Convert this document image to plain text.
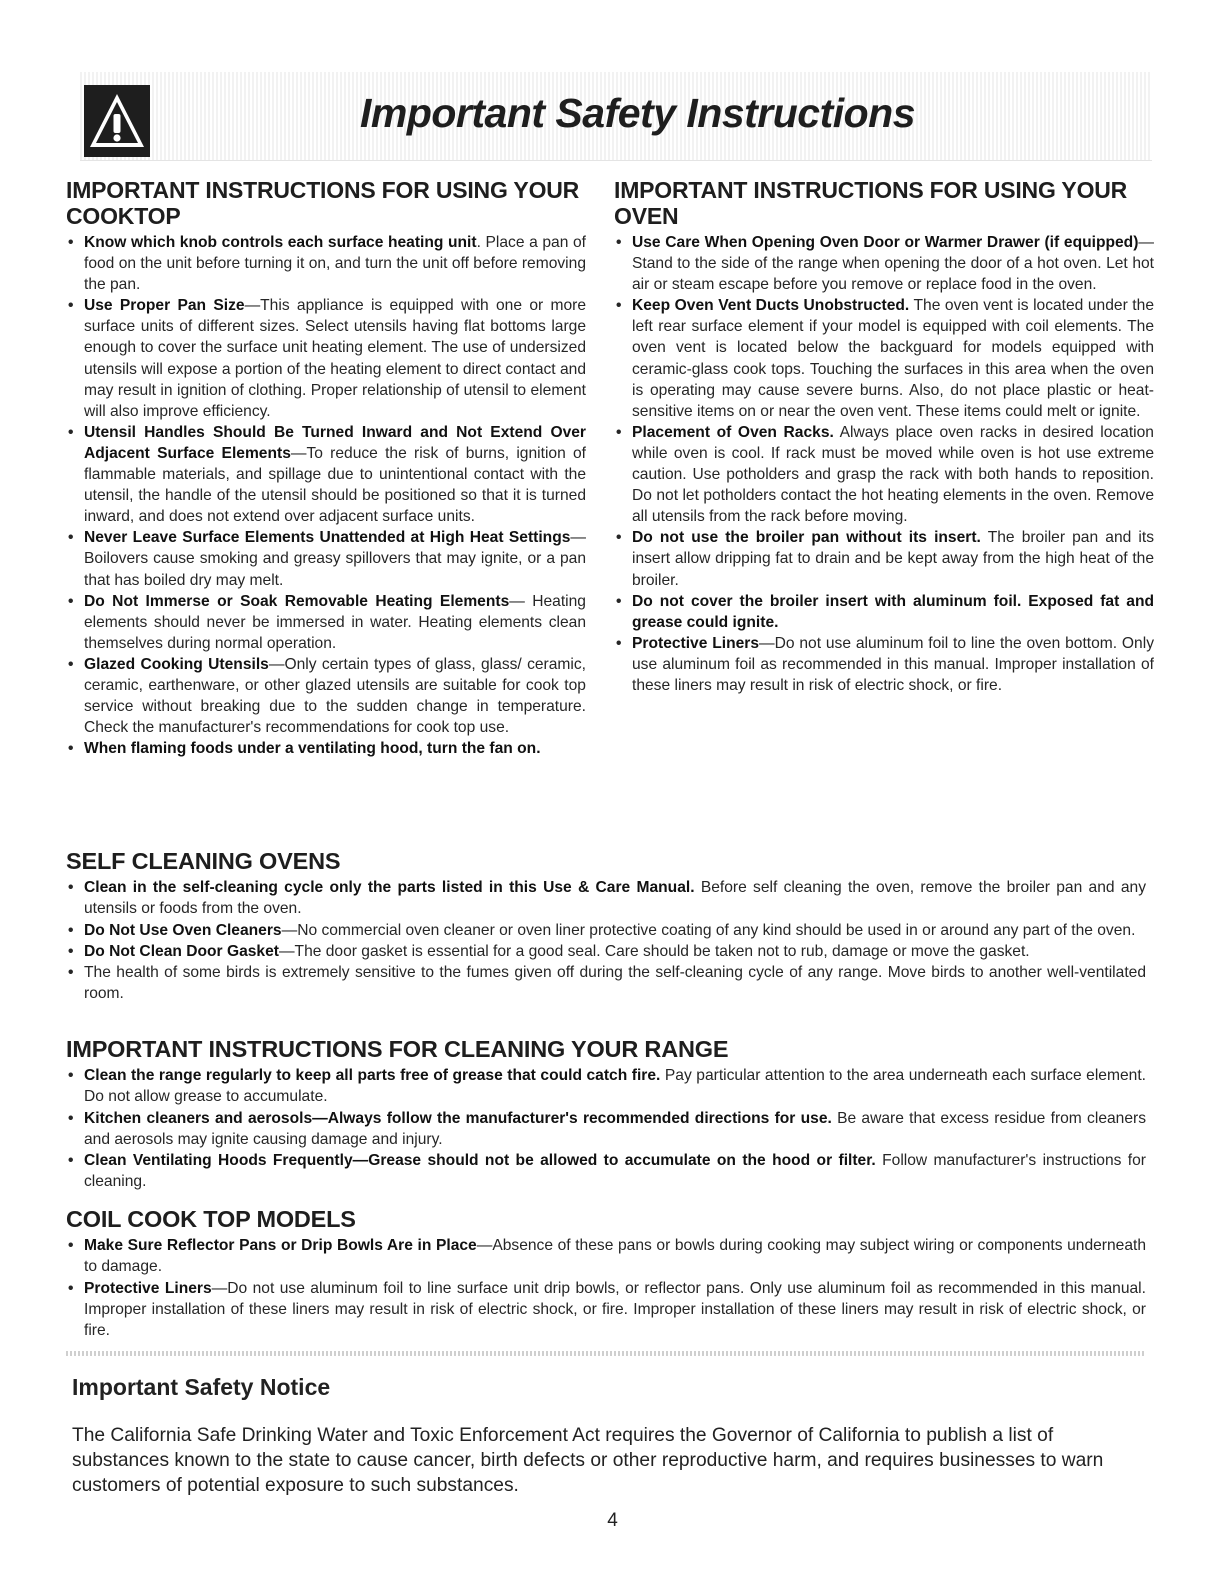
Important Safety Instructions
IMPORTANT INSTRUCTIONS FOR USING YOUR COOKTOP
• Know which knob controls each surface heating unit. Place a pan of food on the unit before turning it on, and turn the unit off before removing the pan.
• Use Proper Pan Size—This appliance is equipped with one or more surface units of different sizes. Select utensils having flat bottoms large enough to cover the surface unit heating element. The use of undersized utensils will expose a portion of the heating element to direct contact and may result in ignition of clothing. Proper relationship of utensil to element will also improve efficiency.
• Utensil Handles Should Be Turned Inward and Not Extend Over Adjacent Surface Elements—To reduce the risk of burns, ignition of flammable materials, and spillage due to unintentional contact with the utensil, the handle of the utensil should be positioned so that it is turned inward, and does not extend over adjacent surface units.
• Never Leave Surface Elements Unattended at High Heat Settings—Boilovers cause smoking and greasy spillovers that may ignite, or a pan that has boiled dry may melt.
• Do Not Immerse or Soak Removable Heating Elements— Heating elements should never be immersed in water. Heating elements clean themselves during normal operation.
• Glazed Cooking Utensils—Only certain types of glass, glass/ ceramic, ceramic, earthenware, or other glazed utensils are suitable for cook top service without breaking due to the sudden change in temperature. Check the manufacturer's recommendations for cook top use.
• When flaming foods under a ventilating hood, turn the fan on.
IMPORTANT INSTRUCTIONS FOR USING YOUR OVEN
• Use Care When Opening Oven Door or Warmer Drawer (if equipped)—Stand to the side of the range when opening the door of a hot oven. Let hot air or steam escape before you remove or replace food in the oven.
• Keep Oven Vent Ducts Unobstructed. The oven vent is located under the left rear surface element if your model is equipped with coil elements. The oven vent is located below the backguard for models equipped with ceramic-glass cook tops. Touching the surfaces in this area when the oven is operating may cause severe burns. Also, do not place plastic or heat-sensitive items on or near the oven vent. These items could melt or ignite.
• Placement of Oven Racks. Always place oven racks in desired location while oven is cool. If rack must be moved while oven is hot use extreme caution. Use potholders and grasp the rack with both hands to reposition. Do not let potholders contact the hot heating elements in the oven. Remove all utensils from the rack before moving.
• Do not use the broiler pan without its insert. The broiler pan and its insert allow dripping fat to drain and be kept away from the high heat of the broiler.
• Do not cover the broiler insert with aluminum foil. Exposed fat and grease could ignite.
• Protective Liners—Do not use aluminum foil to line the oven bottom. Only use aluminum foil as recommended in this manual. Improper installation of these liners may result in risk of electric shock, or fire.
SELF CLEANING OVENS
• Clean in the self-cleaning cycle only the parts listed in this Use & Care Manual. Before self cleaning the oven, remove the broiler pan and any utensils or foods from the oven.
• Do Not Use Oven Cleaners—No commercial oven cleaner or oven liner protective coating of any kind should be used in or around any part of the oven.
• Do Not Clean Door Gasket—The door gasket is essential for a good seal. Care should be taken not to rub, damage or move the gasket.
• The health of some birds is extremely sensitive to the fumes given off during the self-cleaning cycle of any range. Move birds to another well-ventilated room.
IMPORTANT INSTRUCTIONS FOR CLEANING YOUR RANGE
• Clean the range regularly to keep all parts free of grease that could catch fire. Pay particular attention to the area underneath each surface element. Do not allow grease to accumulate.
• Kitchen cleaners and aerosols—Always follow the manufacturer's recommended directions for use. Be aware that excess residue from cleaners and aerosols may ignite causing damage and injury.
• Clean Ventilating Hoods Frequently—Grease should not be allowed to accumulate on the hood or filter. Follow manufacturer's instructions for cleaning.
COIL COOK TOP MODELS
• Make Sure Reflector Pans or Drip Bowls Are in Place—Absence of these pans or bowls during cooking may subject wiring or components underneath to damage.
• Protective Liners—Do not use aluminum foil to line surface unit drip bowls, or reflector pans. Only use aluminum foil as recommended in this manual. Improper installation of these liners may result in risk of electric shock, or fire. Improper installation of these liners may result in risk of electric shock, or fire.
Important Safety Notice

The California Safe Drinking Water and Toxic Enforcement Act requires the Governor of California to publish a list of substances known to the state to cause cancer, birth defects or other reproductive harm, and requires businesses to warn customers of potential exposure to such substances.

4
